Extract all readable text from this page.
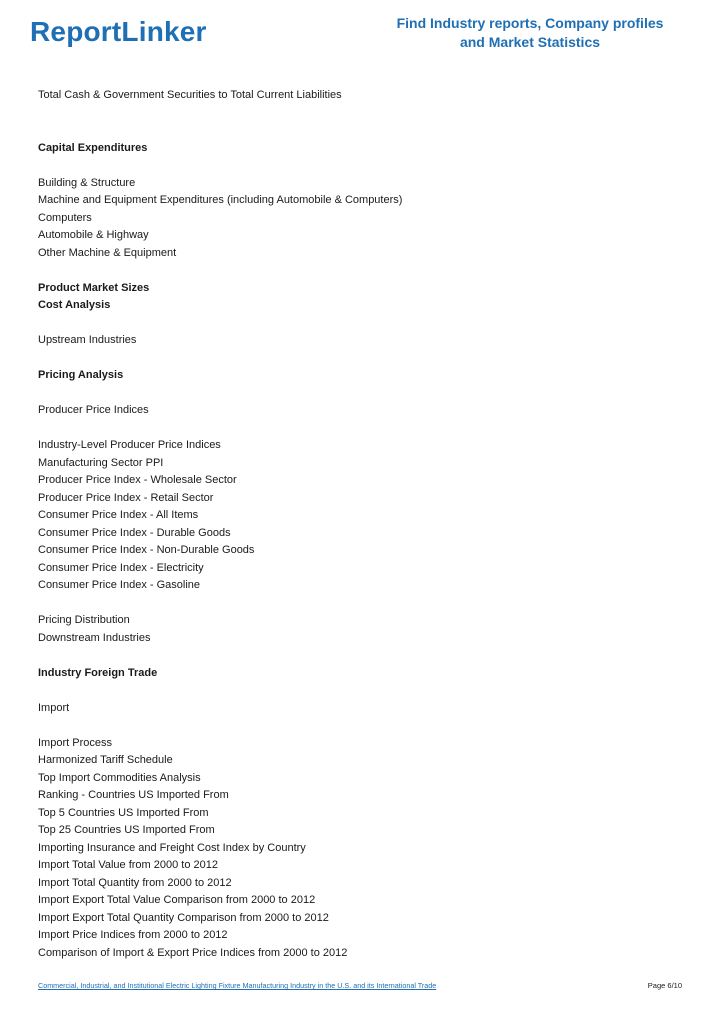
ReportLinker	Find Industry reports, Company profiles
and Market Statistics
Total Cash & Government Securities to Total Current Liabilities
Capital Expenditures
Building & Structure
Machine and Equipment Expenditures (including Automobile & Computers)
Computers
Automobile & Highway
Other Machine & Equipment
Product Market Sizes
Cost Analysis
Upstream Industries
Pricing Analysis
Producer Price Indices
Industry-Level Producer Price Indices
Manufacturing Sector PPI
Producer Price Index - Wholesale Sector
Producer Price Index - Retail Sector
Consumer Price Index - All Items
Consumer Price Index - Durable Goods
Consumer Price Index - Non-Durable Goods
Consumer Price Index - Electricity
Consumer Price Index - Gasoline
Pricing Distribution
Downstream Industries
Industry Foreign Trade
Import
Import Process
Harmonized Tariff Schedule
Top Import Commodities Analysis
Ranking - Countries US Imported From
Top 5 Countries US Imported From
Top 25 Countries US Imported From
Importing Insurance and Freight Cost Index by Country
Import Total Value from 2000 to 2012
Import Total Quantity from 2000 to 2012
Import Export Total Value Comparison from 2000 to 2012
Import Export Total Quantity Comparison from 2000 to 2012
Import Price Indices from 2000 to 2012
Comparison of Import & Export Price Indices from 2000 to 2012
Commercial, Industrial, and Institutional Electric Lighting Fixture Manufacturing Industry in the U.S. and its International Trade	Page 6/10
